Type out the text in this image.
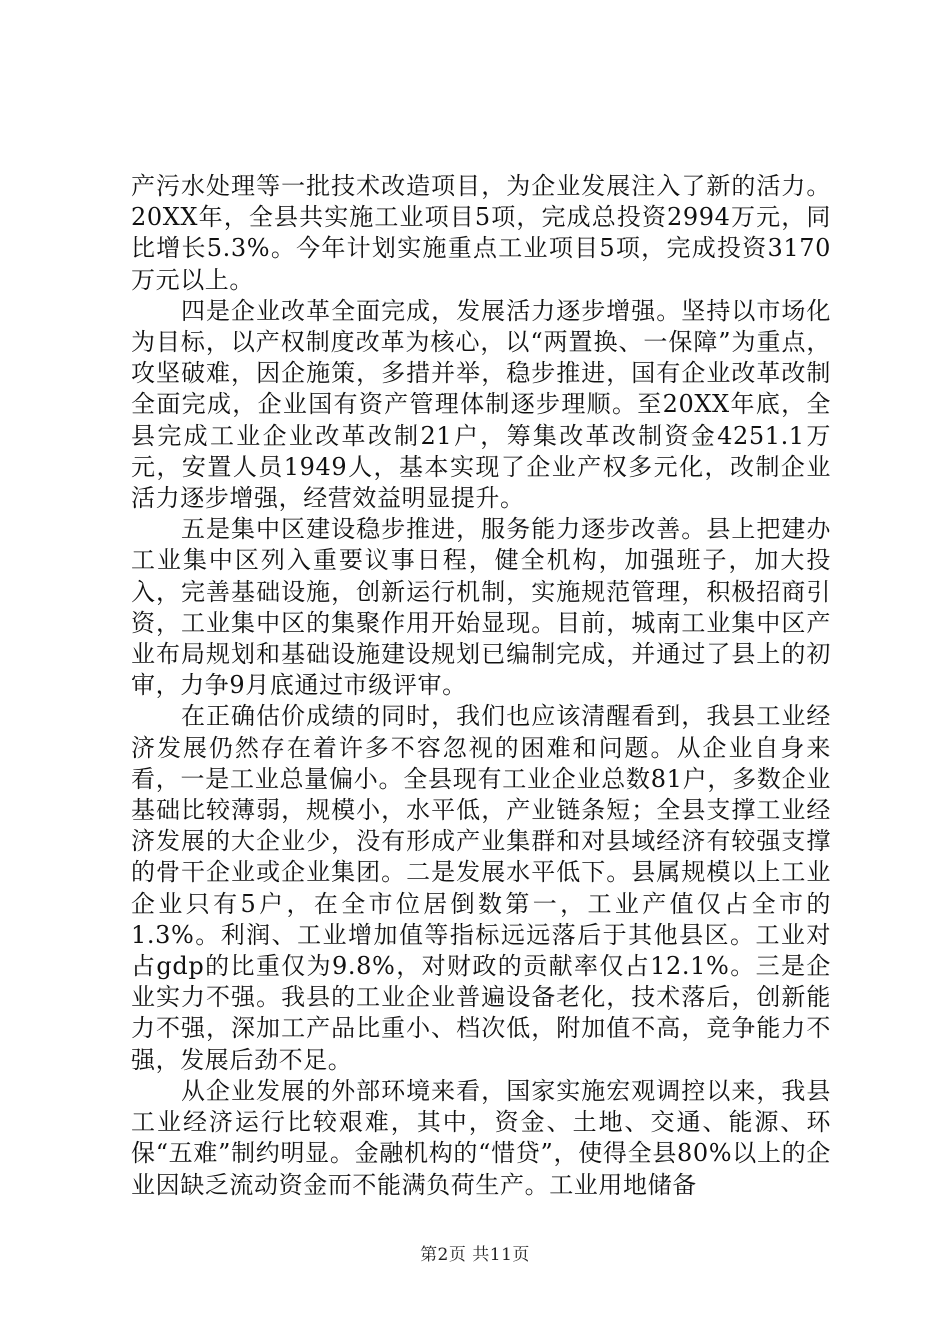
产污水处理等一批技术改造项目，为企业发展注入了新的活力。20XX年，全县共实施工业项目5项，完成总投资2994万元，同比增长5.3%。今年计划实施重点工业项目5项，完成投资3170万元以上。

四是企业改革全面完成，发展活力逐步增强。坚持以市场化为目标，以产权制度改革为核心，以“两置换、一保障”为重点，攻坚破难，因企施策，多措并举，稳步推进，国有企业改革改制全面完成，企业国有资产管理体制逐步理顺。至20XX年底，全县完成工业企业改革改制21户，筹集改革改制资金4251.1万元，安置人员1949人，基本实现了企业产权多元化，改制企业活力逐步增强，经营效益明显提升。

五是集中区建设稳步推进，服务能力逐步改善。县上把建办工业集中区列入重要议事日程，健全机构，加强班子，加大投入，完善基础设施，创新运行机制，实施规范管理，积极招商引资，工业集中区的集聚作用开始显现。目前，城南工业集中区产业布局规划和基础设施建设规划已编制完成，并通过了县上的初审，力争9月底通过市级评审。

在正确估价成绩的同时，我们也应该清醒看到，我县工业经济发展仍然存在着许多不容忽视的困难和问题。从企业自身来看，一是工业总量偏小。全县现有工业企业总数81户，多数企业基础比较薄弱，规模小，水平低，产业链条短；全县支撑工业经济发展的大企业少，没有形成产业集群和对县域经济有较强支撑的骨干企业或企业集团。二是发展水平低下。县属规模以上工业企业只有5户，在全市位居倒数第一，工业产值仅占全市的1.3%。利润、工业增加值等指标远远落后于其他县区。工业对占gdp的比重仅为9.8%，对财政的贡献率仅占12.1%。三是企业实力不强。我县的工业企业普遍设备老化，技术落后，创新能力不强，深加工产品比重小、档次低，附加值不高，竞争能力不强，发展后劲不足。

从企业发展的外部环境来看，国家实施宏观调控以来，我县工业经济运行比较艰难，其中，资金、土地、交通、能源、环保“五难”制约明显。金融机构的“惜贷”，使得全县80%以上的企业因缺乏流动资金而不能满负荷生产。工业用地储备

第2页 共11页
